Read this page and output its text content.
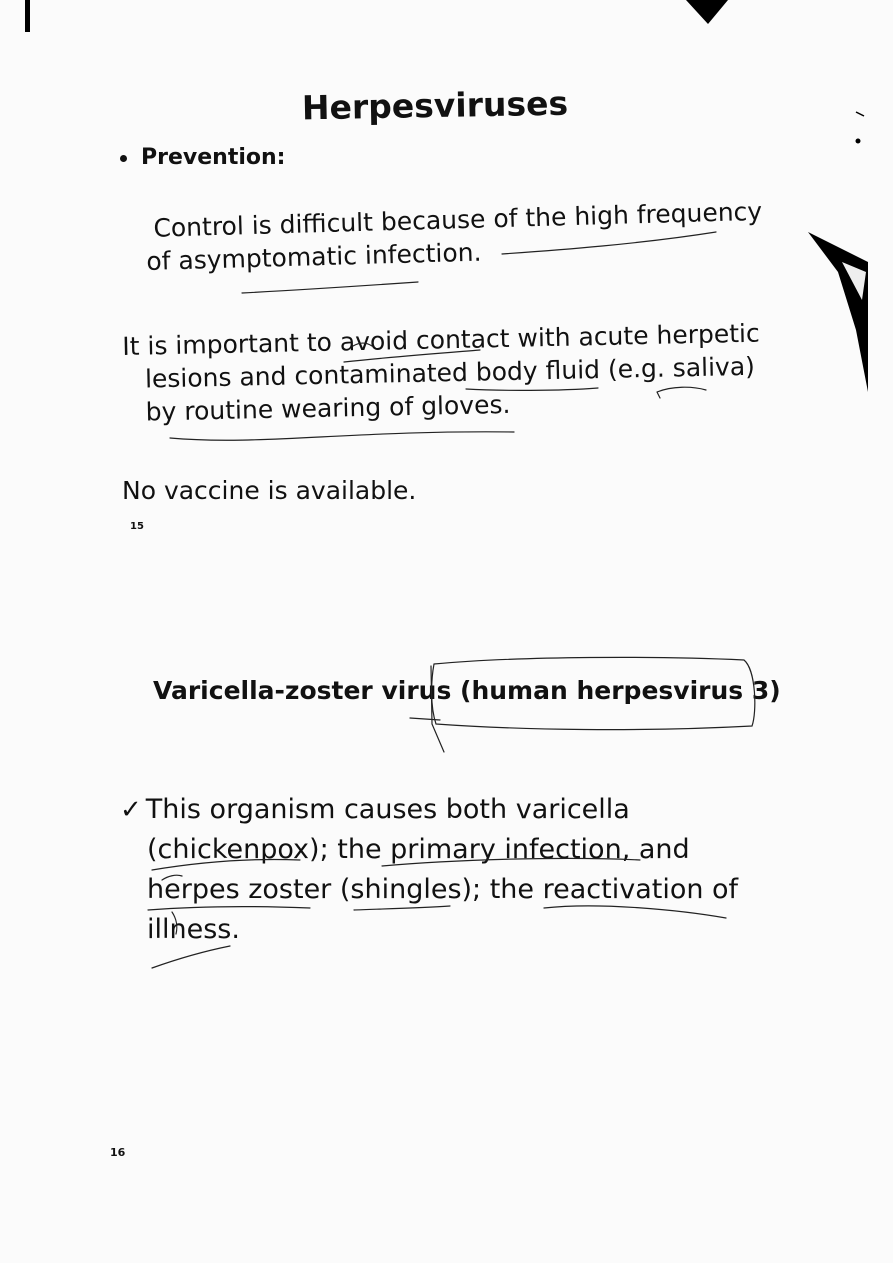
Herpesviruses
Prevention:
Control is difficult because of the high frequency
of asymptomatic infection.
It is important to avoid contact with acute herpetic
lesions and contaminated body fluid (e.g. saliva)
by routine wearing of gloves.
No vaccine is available.
15
Varicella-zoster virus (human herpesvirus 3)
✓ This organism causes both varicella
(chickenpox); the primary infection, and
herpes zoster (shingles); the reactivation of
illness.
16
